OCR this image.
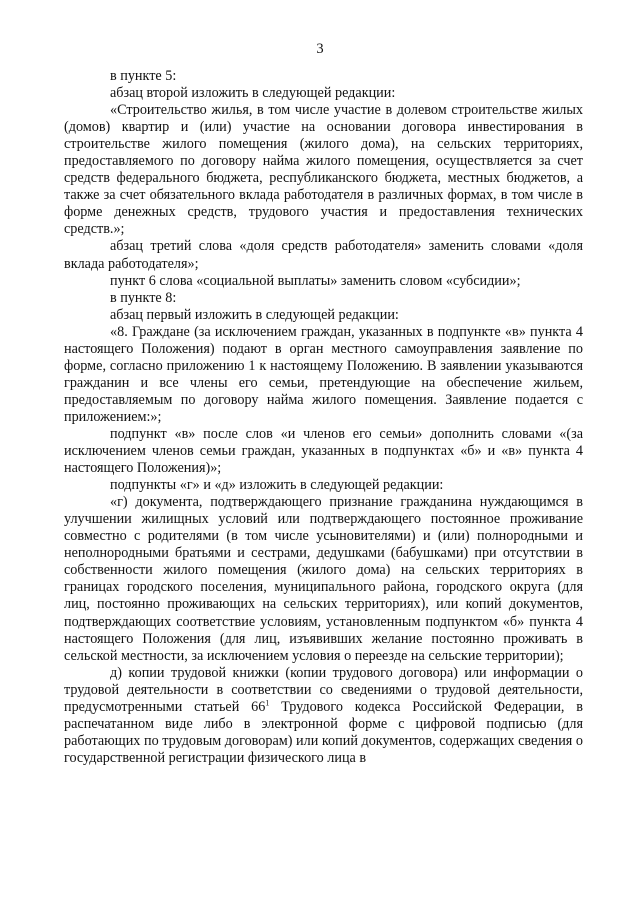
3

в пункте 5:

абзац второй изложить в следующей редакции:

«Строительство жилья, в том числе участие в долевом строительстве жилых (домов) квартир и (или) участие на основании договора инвестирования в строительстве жилого помещения (жилого дома), на сельских территориях, предоставляемого по договору найма жилого помещения, осуществляется за счет средств федерального бюджета, республиканского бюджета, местных бюджетов, а также за счет обязательного вклада работодателя в различных формах, в том числе в форме денежных средств, трудового участия и предоставления технических средств.»;

абзац третий слова «доля средств работодателя» заменить словами «доля вклада работодателя»;

пункт 6 слова «социальной выплаты» заменить словом «субсидии»;

в пункте 8:

абзац первый изложить в следующей редакции:

«8. Граждане (за исключением граждан, указанных в подпункте «в» пункта 4 настоящего Положения) подают в орган местного самоуправления заявление по форме, согласно приложению 1 к настоящему Положению. В заявлении указываются гражданин и все члены его семьи, претендующие на обеспечение жильем, предоставляемым по договору найма жилого помещения. Заявление подается с приложением:»;

подпункт «в» после слов «и членов его семьи» дополнить словами «(за исключением членов семьи граждан, указанных в подпунктах «б» и «в» пункта 4 настоящего Положения)»;

подпункты «г» и «д» изложить в следующей редакции:

«г) документа, подтверждающего признание гражданина нуждающимся в улучшении жилищных условий или подтверждающего постоянное проживание совместно с родителями (в том числе усыновителями) и (или) полнородными и неполнородными братьями и сестрами, дедушками (бабушками) при отсутствии в собственности жилого помещения (жилого дома) на сельских территориях в границах городского поселения, муниципального района, городского округа (для лиц, постоянно проживающих на сельских территориях), или копий документов, подтверждающих соответствие условиям, установленным подпунктом «б» пункта 4 настоящего Положения (для лиц, изъявивших желание постоянно проживать в сельской местности, за исключением условия о переезде на сельские территории);

д) копии трудовой книжки (копии трудового договора) или информации о трудовой деятельности в соответствии со сведениями о трудовой деятельности, предусмотренными статьей $66^1$ Трудового кодекса Российской Федерации, в распечатанном виде либо в электронной форме с цифровой подписью (для работающих по трудовым договорам) или копий документов, содержащих сведения о государственной регистрации физического лица в
